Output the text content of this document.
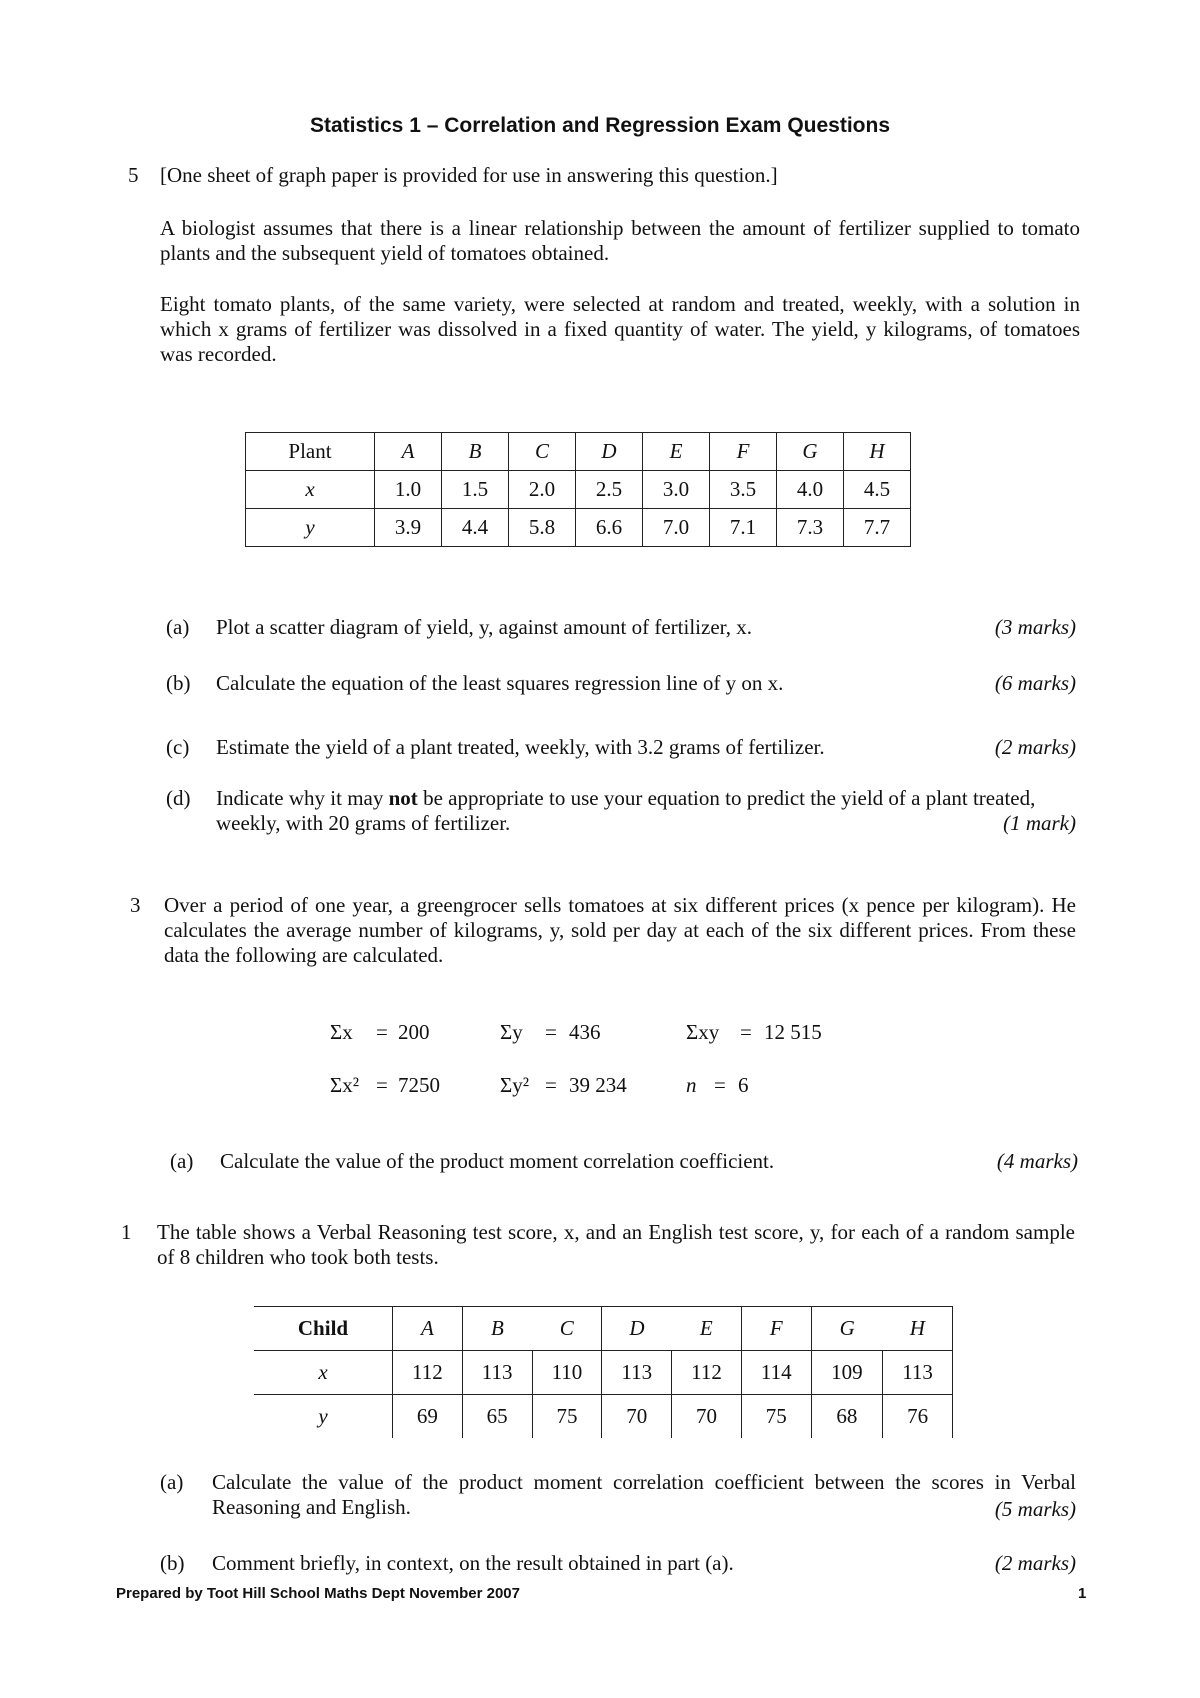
Statistics 1 – Correlation and Regression Exam Questions
5 [One sheet of graph paper is provided for use in answering this question.]
A biologist assumes that there is a linear relationship between the amount of fertilizer supplied to tomato plants and the subsequent yield of tomatoes obtained.
Eight tomato plants, of the same variety, were selected at random and treated, weekly, with a solution in which x grams of fertilizer was dissolved in a fixed quantity of water. The yield, y kilograms, of tomatoes was recorded.
Plant	A	B	C	D	E	F	G	H
x	1.0	1.5	2.0	2.5	3.0	3.5	4.0	4.5
y	3.9	4.4	5.8	6.6	7.0	7.1	7.3	7.7
(a) Plot a scatter diagram of yield, y, against amount of fertilizer, x.	(3 marks)
(b) Calculate the equation of the least squares regression line of y on x.	(6 marks)
(c) Estimate the yield of a plant treated, weekly, with 3.2 grams of fertilizer.	(2 marks)
(d) Indicate why it may not be appropriate to use your equation to predict the yield of a plant treated, weekly, with 20 grams of fertilizer.	(1 mark)
3 Over a period of one year, a greengrocer sells tomatoes at six different prices (x pence per kilogram). He calculates the average number of kilograms, y, sold per day at each of the six different prices. From these data the following are calculated.
Σx = 200	Σy = 436	Σxy = 12 515
Σx² = 7250	Σy² = 39 234	n = 6
(a) Calculate the value of the product moment correlation coefficient.	(4 marks)
1 The table shows a Verbal Reasoning test score, x, and an English test score, y, for each of a random sample of 8 children who took both tests.
Child	A	B	C	D	E	F	G	H
x	112	113	110	113	112	114	109	113
y	69	65	75	70	70	75	68	76
(a) Calculate the value of the product moment correlation coefficient between the scores in Verbal Reasoning and English.	(5 marks)
(b) Comment briefly, in context, on the result obtained in part (a).	(2 marks)
Prepared by Toot Hill School Maths Dept November 2007	1
